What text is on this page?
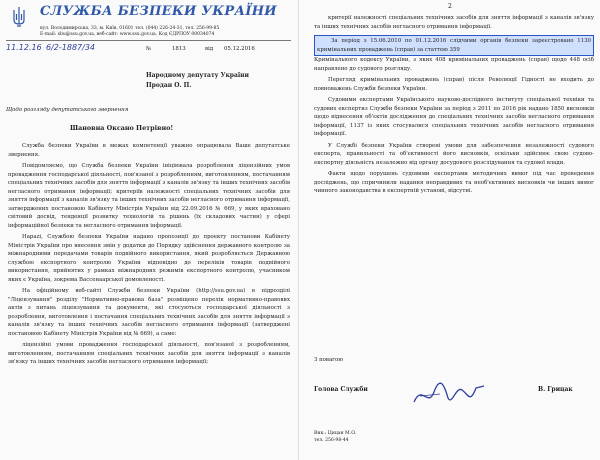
СЛУЖБА БЕЗПЕКИ УКРАЇНИ
вул. Володимирська, 33, м. Київ, 01601 тел. (044) 226-24-31, тел. 256-99-85
E-mail: sbu@ssu.gov.ua, веб-сайт: www.ssu.gov.ua, Код ЄДРПОУ 00034074
11.12.16 6/2-1887/34	№	1813	від 05.12.2016
Народному депутату України
Продан О. П.
Щодо розгляду депутатського звернення
Шановна Оксано Петрівно!

Служба безпеки України в межах компетенції уважно опрацювала Ваше депутатське звернення.

Повідомляємо, що Служба безпеки України ініціювала розроблення ліцензійних умов провадження господарської діяльності, пов'язаної з розробленням, виготовленням, постачанням спеціальних технічних засобів для зняття інформації з каналів зв'язку та інших технічних засобів негласного отримання інформації; критеріїв належності спеціальних технічних засобів для зняття інформації з каналів зв'язку та інших технічних засобів негласного отримання інформації, затверджених постановою Кабінету Міністрів України від 22.09.2016 № 669, у яких враховано світовий досвід, тенденції розвитку технологій та рішень (їх складових частин) у сфері інформаційної безпеки та негласного отримання інформації.

Нарazі, Службою безпеки України надано пропозиції до проекту постанови Кабінету Міністрів України про внесення змін у додатки до Порядку здійснення державного контролю за міжнародними передачами товарів подвійного використання, який розробляється Державною службою експортного контролю України відповідно до переліків товарів подвійного використання, прийнятих у рамках міжнародних режимів експортного контролю, учасником яких є Україна, зокрема Вассенаарської домовленості.

На офіційному веб-сайті Служби безпеки України (http://ssu.gov.ua) в підрозділі "Ліцензування" розділу "Нормативно-правова база" розміщено перелік нормативно-правових актів з питань ліцензування та документи, які стосуються господарської діяльності з розроблення, виготовлення і постачання спеціальних технічних засобів для зняття інформації з каналів зв'язку та інших технічних засобів негласного отримання інформації (затверджені постановою Кабінету Міністрів України від № 669), а саме:

ліцензійні умови провадження господарської діяльності, пов'язаної з розробленням, виготовленням, постачанням спеціальних технічних засобів для зняття інформації з каналів зв'язку та інших технічних засобів негласного отримання інформації;

2

критерії належності спеціальних технічних засобів для зняття інформації з каналів зв'язку та інших технічних засобів негласного отримання інформації.

За період з 15.06.2010 по 01.12.2016 слідчими органів безпеки зареєстровано 1130 кримінальних проваджень (справ) за статтею 359

Кримінального кодексу України, з яких 408 кримінальних проваджень (справ) щодо 448 осіб направлено до судового розгляду.

Перегляд кримінальних проваджень (справ) після Революції Гідності не входить до повноважень Служби безпеки України.

Судовими експертами Українського науково-дослідного інституту спеціальної техніки та судових експертиз Служби безпеки України за період з 2011 по 2016 рік надано 1850 висновків щодо віднесення об'єктів дослідження до спеціальних технічних засобів негласного отримання інформації, 1137 із яких стосувалися спеціальних технічних засобів негласного отримання інформації.

У Службі безпеки України створені умови для забезпечення незалежності судового експерта, правильності та об'єктивності його висновків, оскільки здійснює свою судово-експертну діяльність незалежно від органу досудового розслідування та судової влади.

Факти щодо порушень судовими експертами методичних вимог під час проведення досліджень, що спричинили надання неправдивих та необ'єктивних висновків чи інших вимог чинного законодавства в експертній установі, відсутні.

З повагою
Голова Служби	В. Грицак
Вик.: Цицан М.О.
тел. 256-98-44
